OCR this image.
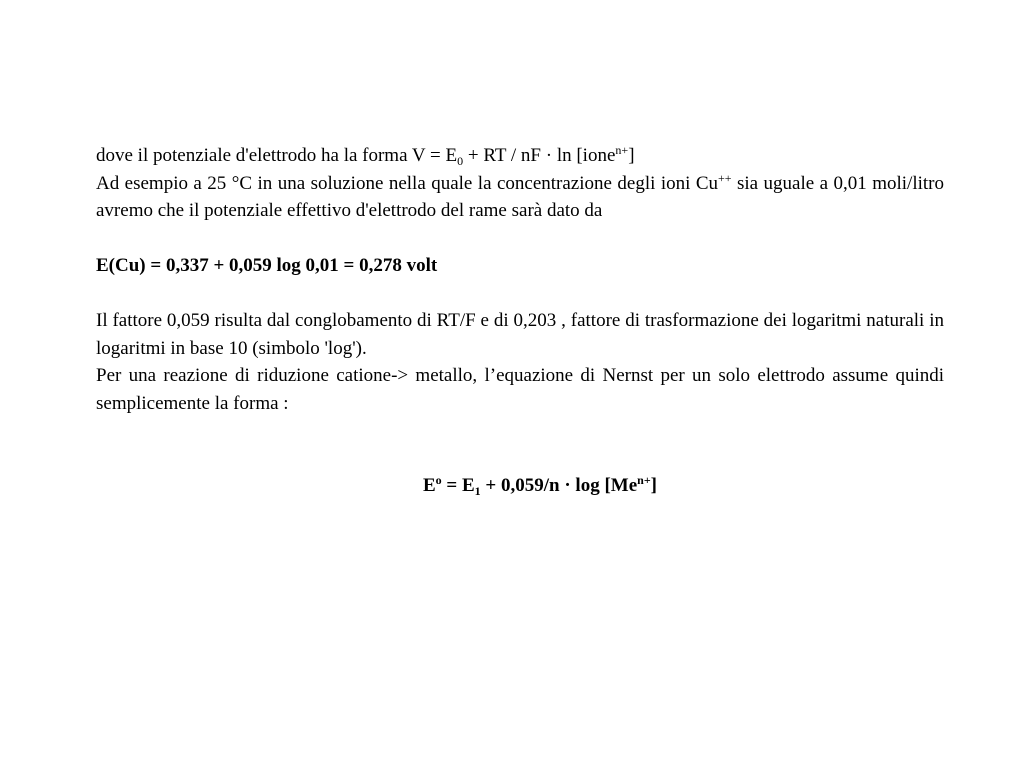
dove il potenziale d'elettrodo ha la forma $V = E_0$ + RT / nF · ln [ione$^{n+}$]
Ad esempio a 25 °C in una soluzione nella quale la concentrazione degli ioni Cu++ sia uguale a 0,01 moli/litro avremo che il potenziale effettivo d'elettrodo del rame sarà dato da
E(Cu) = 0,337 + 0,059 log 0,01 = 0,278 volt
Il fattore 0,059 risulta dal conglobamento di RT/F e di 0,203 , fattore di trasformazione dei logaritmi naturali in logaritmi in base 10 (simbolo 'log').
Per una reazione di riduzione catione-> metallo, l’equazione di Nernst per un solo elettrodo assume quindi semplicemente la forma :
$E^o = E_1 + 0,059/n \cdot \log [Me^{n+}]$
